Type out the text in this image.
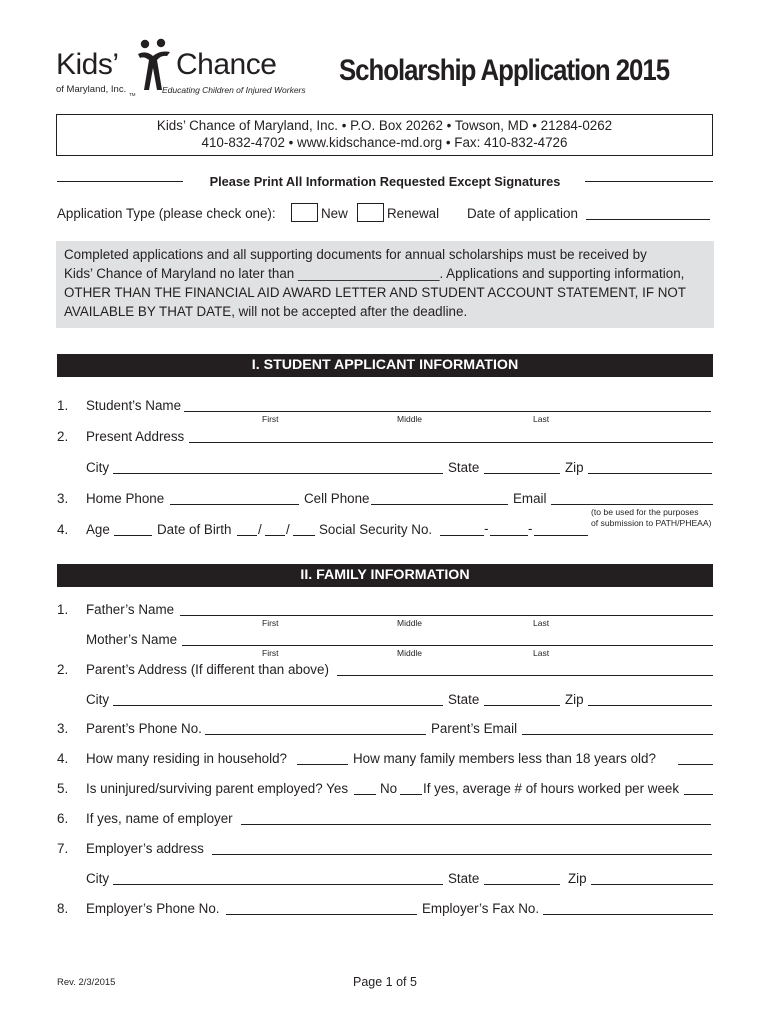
Kids’ Chance
of Maryland, Inc. TM	Educating Children of Injured Workers
Scholarship Application 2015
Kids’ Chance of Maryland, Inc. • P.O. Box 20262 • Towson, MD • 21284-0262
410-832-4702 • www.kidschance-md.org • Fax: 410-832-4726
Please Print All Information Requested Except Signatures
Application Type (please check one):	New	Renewal Date of application
Completed applications and all supporting documents for annual scholarships must be received by
Kids’ Chance of Maryland no later than ___________________. Applications and supporting information,
OTHER THAN THE FINANCIAL AID AWARD LETTER AND STUDENT ACCOUNT STATEMENT, IF NOT
AVAILABLE BY THAT DATE, will not be accepted after the deadline.
I. STUDENT APPLICANT INFORMATION
1. Student’s Name
First	Middle	Last
2. Present Address
City	State	Zip
3. Home Phone	Cell Phone	Email
(to be used for the purposes
of submission to PATH/PHEAA)
4. Age	Date of Birth / / Social Security No.	-	-
II. FAMILY INFORMATION
1. Father’s Name
First	Middle	Last
Mother’s Name
First	Middle	Last
2. Parent’s Address (If different than above)
City	State	Zip
3. Parent’s Phone No.	Parent’s Email
4. How many residing in household?	How many family members less than 18 years old?
5. Is uninjured/surviving parent employed? Yes No If yes, average # of hours worked per week
6. If yes, name of employer
7. Employer’s address
City	State	Zip
8. Employer’s Phone No.	Employer’s Fax No.
Rev. 2/3/2015	Page 1 of 5
